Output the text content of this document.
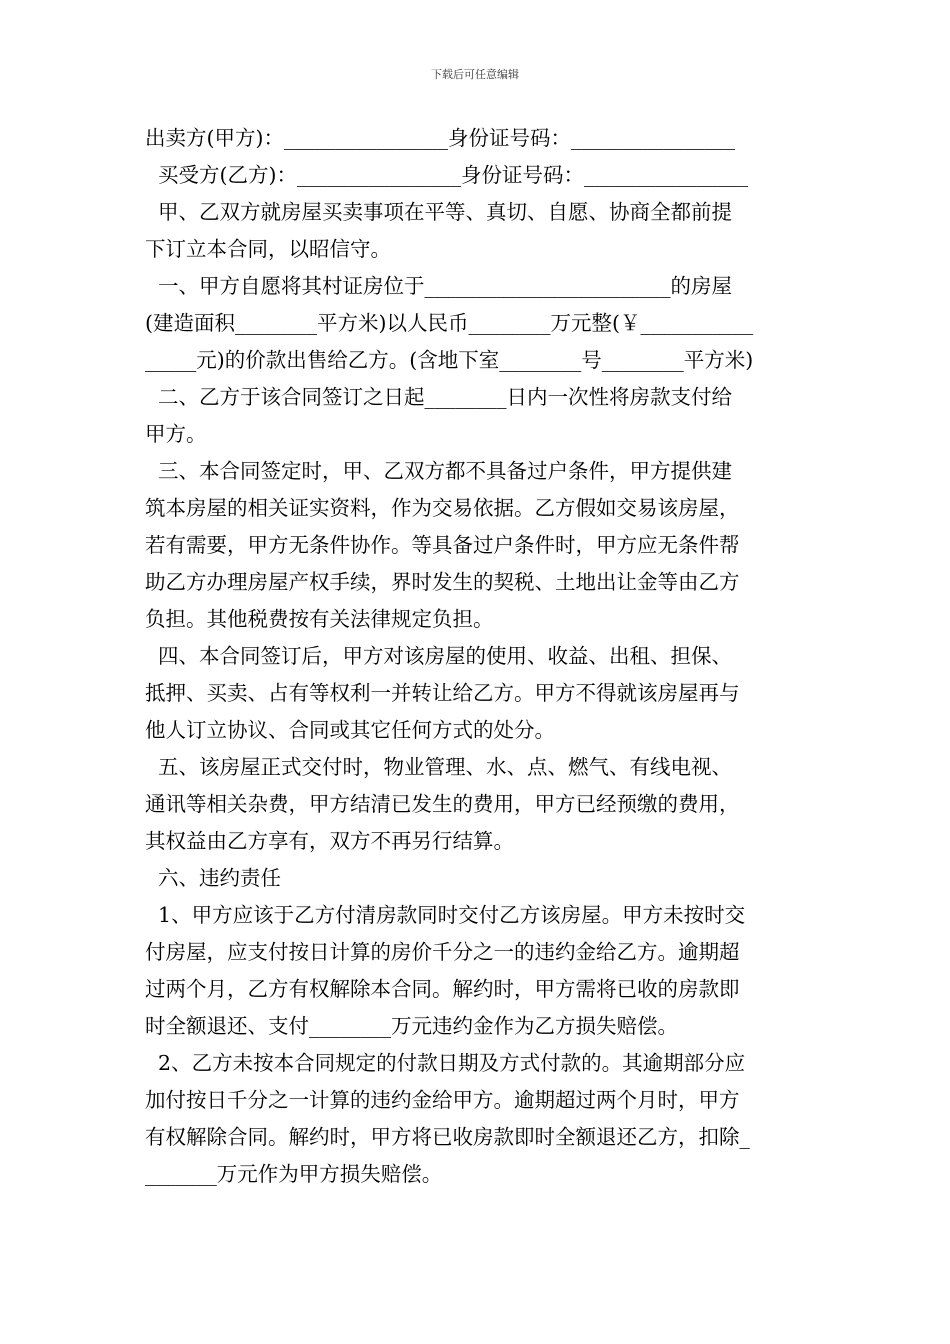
下载后可任意编辑
出卖方(甲方)：________________身份证号码：________________
买受方(乙方)：________________身份证号码：________________
甲、乙双方就房屋买卖事项在平等、真切、自愿、协商全都前提
下订立本合同，以昭信守。
一、甲方自愿将其村证房位于________________________的房屋
(建造面积________平方米)以人民币________万元整(￥___________
_____元)的价款出售给乙方。(含地下室________号________平方米)
二、乙方于该合同签订之日起________日内一次性将房款支付给
甲方。
三、本合同签定时，甲、乙双方都不具备过户条件，甲方提供建
筑本房屋的相关证实资料，作为交易依据。乙方假如交易该房屋，
若有需要，甲方无条件协作。等具备过户条件时，甲方应无条件帮
助乙方办理房屋产权手续，界时发生的契税、土地出让金等由乙方
负担。其他税费按有关法律规定负担。
四、本合同签订后，甲方对该房屋的使用、收益、出租、担保、
抵押、买卖、占有等权利一并转让给乙方。甲方不得就该房屋再与
他人订立协议、合同或其它任何方式的处分。
五、该房屋正式交付时，物业管理、水、点、燃气、有线电视、
通讯等相关杂费，甲方结清已发生的费用，甲方已经预缴的费用，
其权益由乙方享有，双方不再另行结算。
六、违约责任
1、甲方应该于乙方付清房款同时交付乙方该房屋。甲方未按时交
付房屋，应支付按日计算的房价千分之一的违约金给乙方。逾期超
过两个月，乙方有权解除本合同。解约时，甲方需将已收的房款即
时全额退还、支付________万元违约金作为乙方损失赔偿。
2、乙方未按本合同规定的付款日期及方式付款的。其逾期部分应
加付按日千分之一计算的违约金给甲方。逾期超过两个月时，甲方
有权解除合同。解约时，甲方将已收房款即时全额退还乙方，扣除_
_______万元作为甲方损失赔偿。
